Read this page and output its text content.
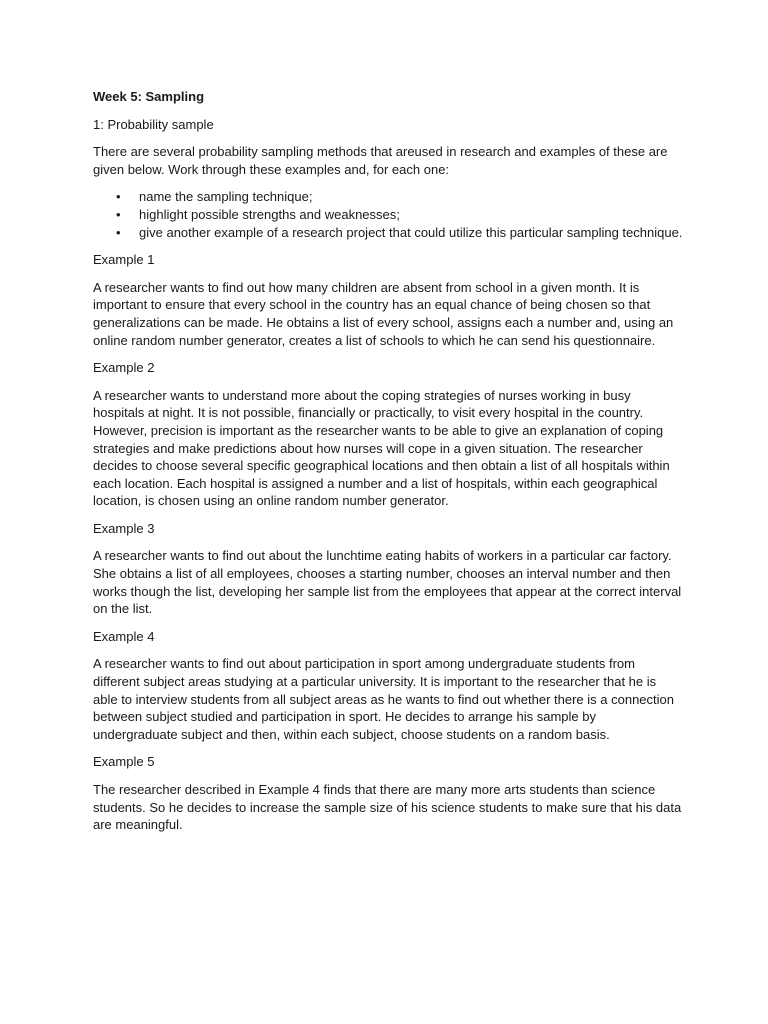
Week 5: Sampling

1: Probability sample

There are several probability sampling methods that areused in research and examples of these are given below. Work through these examples and, for each one:

• name the sampling technique;
• highlight possible strengths and weaknesses;
• give another example of a research project that could utilize this particular sampling technique.

Example 1

A researcher wants to find out how many children are absent from school in a given month. It is important to ensure that every school in the country has an equal chance of being chosen so that generalizations can be made. He obtains a list of every school, assigns each a number and, using an online random number generator, creates a list of schools to which he can send his questionnaire.

Example 2

A researcher wants to understand more about the coping strategies of nurses working in busy hospitals at night. It is not possible, financially or practically, to visit every hospital in the country. However, precision is important as the researcher wants to be able to give an explanation of coping strategies and make predictions about how nurses will cope in a given situation. The researcher decides to choose several specific geographical locations and then obtain a list of all hospitals within each location. Each hospital is assigned a number and a list of hospitals, within each geographical location, is chosen using an online random number generator.

Example 3

A researcher wants to find out about the lunchtime eating habits of workers in a particular car factory. She obtains a list of all employees, chooses a starting number, chooses an interval number and then works though the list, developing her sample list from the employees that appear at the correct interval on the list.

Example 4

A researcher wants to find out about participation in sport among undergraduate students from different subject areas studying at a particular university. It is important to the researcher that he is able to interview students from all subject areas as he wants to find out whether there is a connection between subject studied and participation in sport. He decides to arrange his sample by undergraduate subject and then, within each subject, choose students on a random basis.

Example 5

The researcher described in Example 4 finds that there are many more arts students than science students. So he decides to increase the sample size of his science students to make sure that his data are meaningful.
